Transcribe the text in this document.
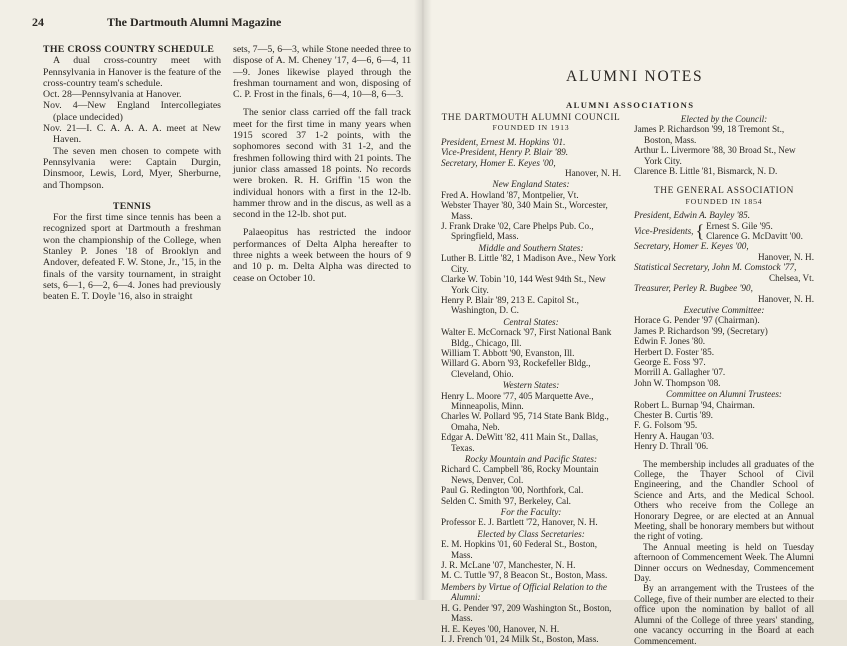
24	The Dartmouth Alumni Magazine
THE CROSS COUNTRY SCHEDULE

A dual cross-country meet with Pennsylvania in Hanover is the feature of the cross-country team's schedule.

Oct. 28—Pennsylvania at Hanover.

Nov. 4—New England Intercollegiates (place undecided)

Nov. 21—I. C. A. A. A. A. meet at New Haven.

The seven men chosen to compete with Pennsylvania were: Captain Durgin, Dinsmoor, Lewis, Lord, Myer, Sherburne, and Thompson.

TENNIS

For the first time since tennis has been a recognized sport at Dartmouth a freshman won the championship of the College, when Stanley P. Jones '18 of Brooklyn and Andover, defeated F. W. Stone, Jr., '15, in the finals of the varsity tournament, in straight sets, 6—1, 6—2, 6—4. Jones had previously beaten E. T. Doyle '16, also in straight

sets, 7—5, 6—3, while Stone needed three to dispose of A. M. Cheney '17, 4—6, 6—4, 11—9. Jones likewise played through the freshman tournament and won, disposing of C. P. Frost in the finals, 6—4, 10—8, 6—3.

The senior class carried off the fall track meet for the first time in many years when 1915 scored 37 1-2 points, with the sophomores second with 31 1-2, and the freshmen following third with 21 points. The junior class amassed 18 points. No records were broken. R. H. Griffin '15 won the individual honors with a first in the 12-lb. hammer throw and in the discus, as well as a second in the 12-lb. shot put.

Palaeopitus has restricted the indoor performances of Delta Alpha hereafter to three nights a week between the hours of 9 and 10 p. m. Delta Alpha was directed to cease on October 10.

ALUMNI NOTES
ALUMNI ASSOCIATIONS
THE DARTMOUTH ALUMNI COUNCIL
FOUNDED IN 1913
President, Ernest M. Hopkins '01.
Vice-President, Henry P. Blair '89.
Secretary, Homer E. Keyes '00,
Hanover, N. H.
New England States:
Fred A. Howland '87, Montpelier, Vt.
Webster Thayer '80, 340 Main St., Worcester, Mass.
J. Frank Drake '02, Care Phelps Pub. Co., Springfield, Mass.
Middle and Southern States:
Luther B. Little '82, 1 Madison Ave., New York City.
Clarke W. Tobin '10, 144 West 94th St., New York City.
Henry P. Blair '89, 213 E. Capitol St., Washington, D. C.
Central States:
Walter E. McCornack '97, First National Bank Bldg., Chicago, Ill.
William T. Abbott '90, Evanston, Ill.
Willard G. Aborn '93, Rockefeller Bldg., Cleveland, Ohio.
Western States:
Henry L. Moore '77, 405 Marquette Ave., Minneapolis, Minn.
Charles W. Pollard '95, 714 State Bank Bldg., Omaha, Neb.
Edgar A. DeWitt '82, 411 Main St., Dallas, Texas.
Rocky Mountain and Pacific States:
Richard C. Campbell '86, Rocky Mountain News, Denver, Col.
Paul G. Redington '00, Northfork, Cal.
Selden C. Smith '97, Berkeley, Cal.
For the Faculty:
Professor E. J. Bartlett '72, Hanover, N. H.
Elected by Class Secretaries:
E. M. Hopkins '01, 60 Federal St., Boston, Mass.
J. R. McLane '07, Manchester, N. H.
M. C. Tuttle '97, 8 Beacon St., Boston, Mass.
Members by Virtue of Official Relation to the Alumni:
H. G. Pender '97, 209 Washington St., Boston, Mass.
H. E. Keyes '00, Hanover, N. H.
I. J. French '01, 24 Milk St., Boston, Mass.
Elected by the Council:
James P. Richardson '99, 18 Tremont St., Boston, Mass.
Arthur L. Livermore '88, 30 Broad St., New York City.
Clarence B. Little '81, Bismarck, N. D.
THE GENERAL ASSOCIATION
FOUNDED IN 1854
President, Edwin A. Bayley '85.
Vice-Presidents, { Ernest S. Gile '95.
Clarence G. McDavitt '00.
Secretary, Homer E. Keyes '00,
Hanover, N. H.
Statistical Secretary, John M. Comstock '77,
Chelsea, Vt.
Treasurer, Perley R. Bugbee '90,
Hanover, N. H.
Executive Committee:
Horace G. Pender '97 (Chairman).
James P. Richardson '99, (Secretary)
Edwin F. Jones '80.
Herbert D. Foster '85.
George E. Foss '97.
Morrill A. Gallagher '07.
John W. Thompson '08.
Committee on Alumni Trustees:
Robert L. Burnap '94, Chairman.
Chester B. Curtis '89.
F. G. Folsom '95.
Henry A. Haugan '03.
Henry D. Thrall '06.

The membership includes all graduates of the College, the Thayer School of Civil Engineering, and the Chandler School of Science and Arts, and the Medical School. Others who receive from the College an Honorary Degree, or are elected at an Annual Meeting, shall be honorary members but without the right of voting.

The Annual meeting is held on Tuesday afternoon of Commencement Week. The Alumni Dinner occurs on Wednesday, Commencement Day.

By an arrangement with the Trustees of the College, five of their number are elected to their office upon the nomination by ballot of all Alumni of the College of three years' standing, one vacancy occurring in the Board at each Commencement.
